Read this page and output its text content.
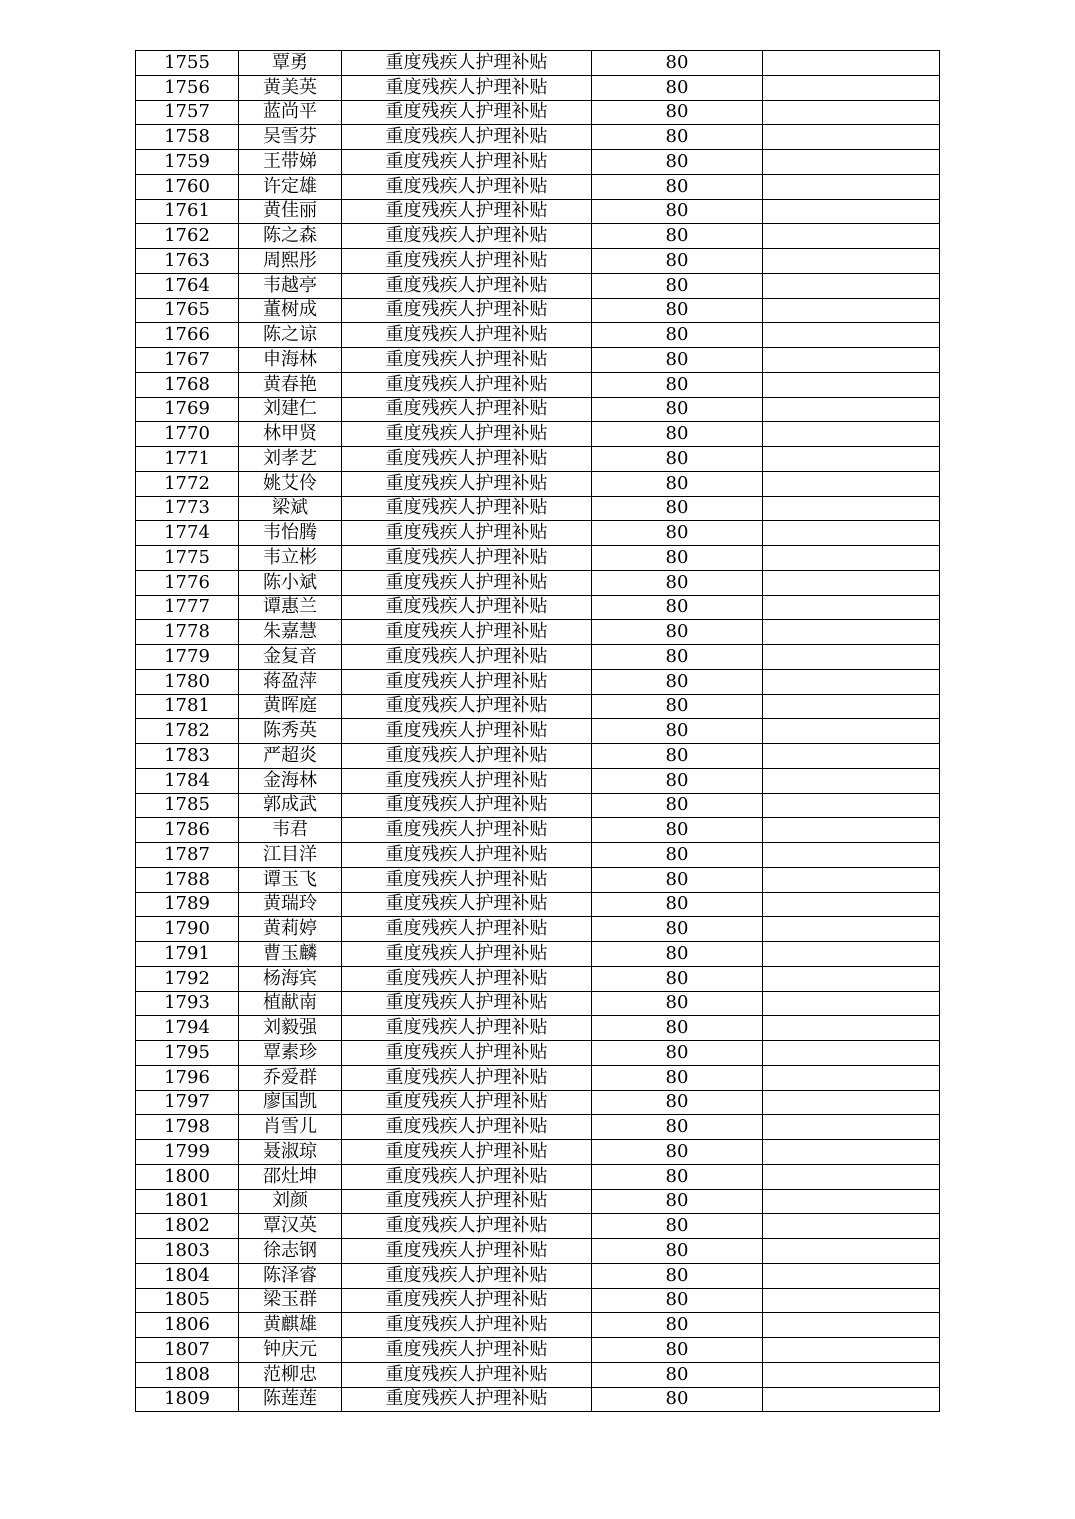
1755	覃勇	重度残疾人护理补贴	80	
1756	黄美英	重度残疾人护理补贴	80	
1757	蓝尚平	重度残疾人护理补贴	80	
1758	吴雪芬	重度残疾人护理补贴	80	
1759	王带娣	重度残疾人护理补贴	80	
1760	许定雄	重度残疾人护理补贴	80	
1761	黄佳丽	重度残疾人护理补贴	80	
1762	陈之森	重度残疾人护理补贴	80	
1763	周熙彤	重度残疾人护理补贴	80	
1764	韦越亭	重度残疾人护理补贴	80	
1765	董树成	重度残疾人护理补贴	80	
1766	陈之谅	重度残疾人护理补贴	80	
1767	申海林	重度残疾人护理补贴	80	
1768	黄春艳	重度残疾人护理补贴	80	
1769	刘建仁	重度残疾人护理补贴	80	
1770	林甲贤	重度残疾人护理补贴	80	
1771	刘孝艺	重度残疾人护理补贴	80	
1772	姚艾伶	重度残疾人护理补贴	80	
1773	梁斌	重度残疾人护理补贴	80	
1774	韦怡腾	重度残疾人护理补贴	80	
1775	韦立彬	重度残疾人护理补贴	80	
1776	陈小斌	重度残疾人护理补贴	80	
1777	谭惠兰	重度残疾人护理补贴	80	
1778	朱嘉慧	重度残疾人护理补贴	80	
1779	金复音	重度残疾人护理补贴	80	
1780	蒋盈萍	重度残疾人护理补贴	80	
1781	黄晖庭	重度残疾人护理补贴	80	
1782	陈秀英	重度残疾人护理补贴	80	
1783	严超炎	重度残疾人护理补贴	80	
1784	金海林	重度残疾人护理补贴	80	
1785	郭成武	重度残疾人护理补贴	80	
1786	韦君	重度残疾人护理补贴	80	
1787	江目洋	重度残疾人护理补贴	80	
1788	谭玉飞	重度残疾人护理补贴	80	
1789	黄瑞玲	重度残疾人护理补贴	80	
1790	黄莉婷	重度残疾人护理补贴	80	
1791	曹玉麟	重度残疾人护理补贴	80	
1792	杨海宾	重度残疾人护理补贴	80	
1793	植献南	重度残疾人护理补贴	80	
1794	刘毅强	重度残疾人护理补贴	80	
1795	覃素珍	重度残疾人护理补贴	80	
1796	乔爱群	重度残疾人护理补贴	80	
1797	廖国凯	重度残疾人护理补贴	80	
1798	肖雪儿	重度残疾人护理补贴	80	
1799	聂淑琼	重度残疾人护理补贴	80	
1800	邵灶坤	重度残疾人护理补贴	80	
1801	刘颜	重度残疾人护理补贴	80	
1802	覃汉英	重度残疾人护理补贴	80	
1803	徐志钢	重度残疾人护理补贴	80	
1804	陈泽睿	重度残疾人护理补贴	80	
1805	梁玉群	重度残疾人护理补贴	80	
1806	黄麒雄	重度残疾人护理补贴	80	
1807	钟庆元	重度残疾人护理补贴	80	
1808	范柳忠	重度残疾人护理补贴	80	
1809	陈莲莲	重度残疾人护理补贴	80	
